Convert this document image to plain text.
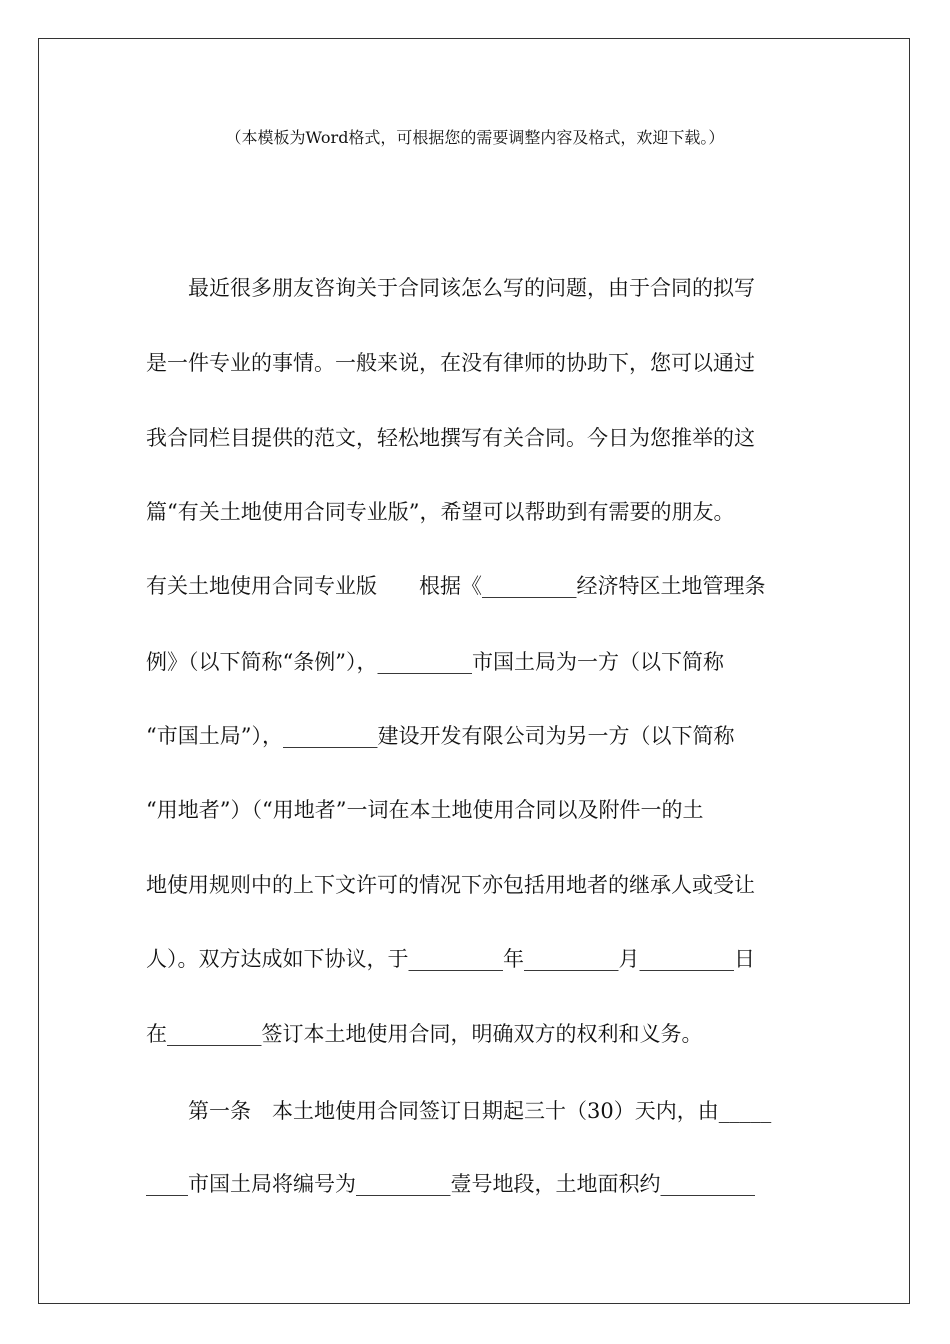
（本模板为Word格式，可根据您的需要调整内容及格式，欢迎下载。）
　　最近很多朋友咨询关于合同该怎么写的问题，由于合同的拟写
是一件专业的事情。一般来说，在没有律师的协助下，您可以通过
我合同栏目提供的范文，轻松地撰写有关合同。今日为您推举的这
篇“有关土地使用合同专业版”，希望可以帮助到有需要的朋友。
有关土地使用合同专业版　　根据《_________经济特区土地管理条
例》（以下简称“条例”），_________市国土局为一方（以下简称
“市国土局”），_________建设开发有限公司为另一方（以下简称
“用地者”）（“用地者”一词在本土地使用合同以及附件一的土
地使用规则中的上下文许可的情况下亦包括用地者的继承人或受让
人）。双方达成如下协议，于_________年_________月_________日
在_________签订本土地使用合同，明确双方的权利和义务。
　　第一条　本土地使用合同签订日期起三十（30）天内，由_____
____市国土局将编号为_________壹号地段，土地面积约_________
